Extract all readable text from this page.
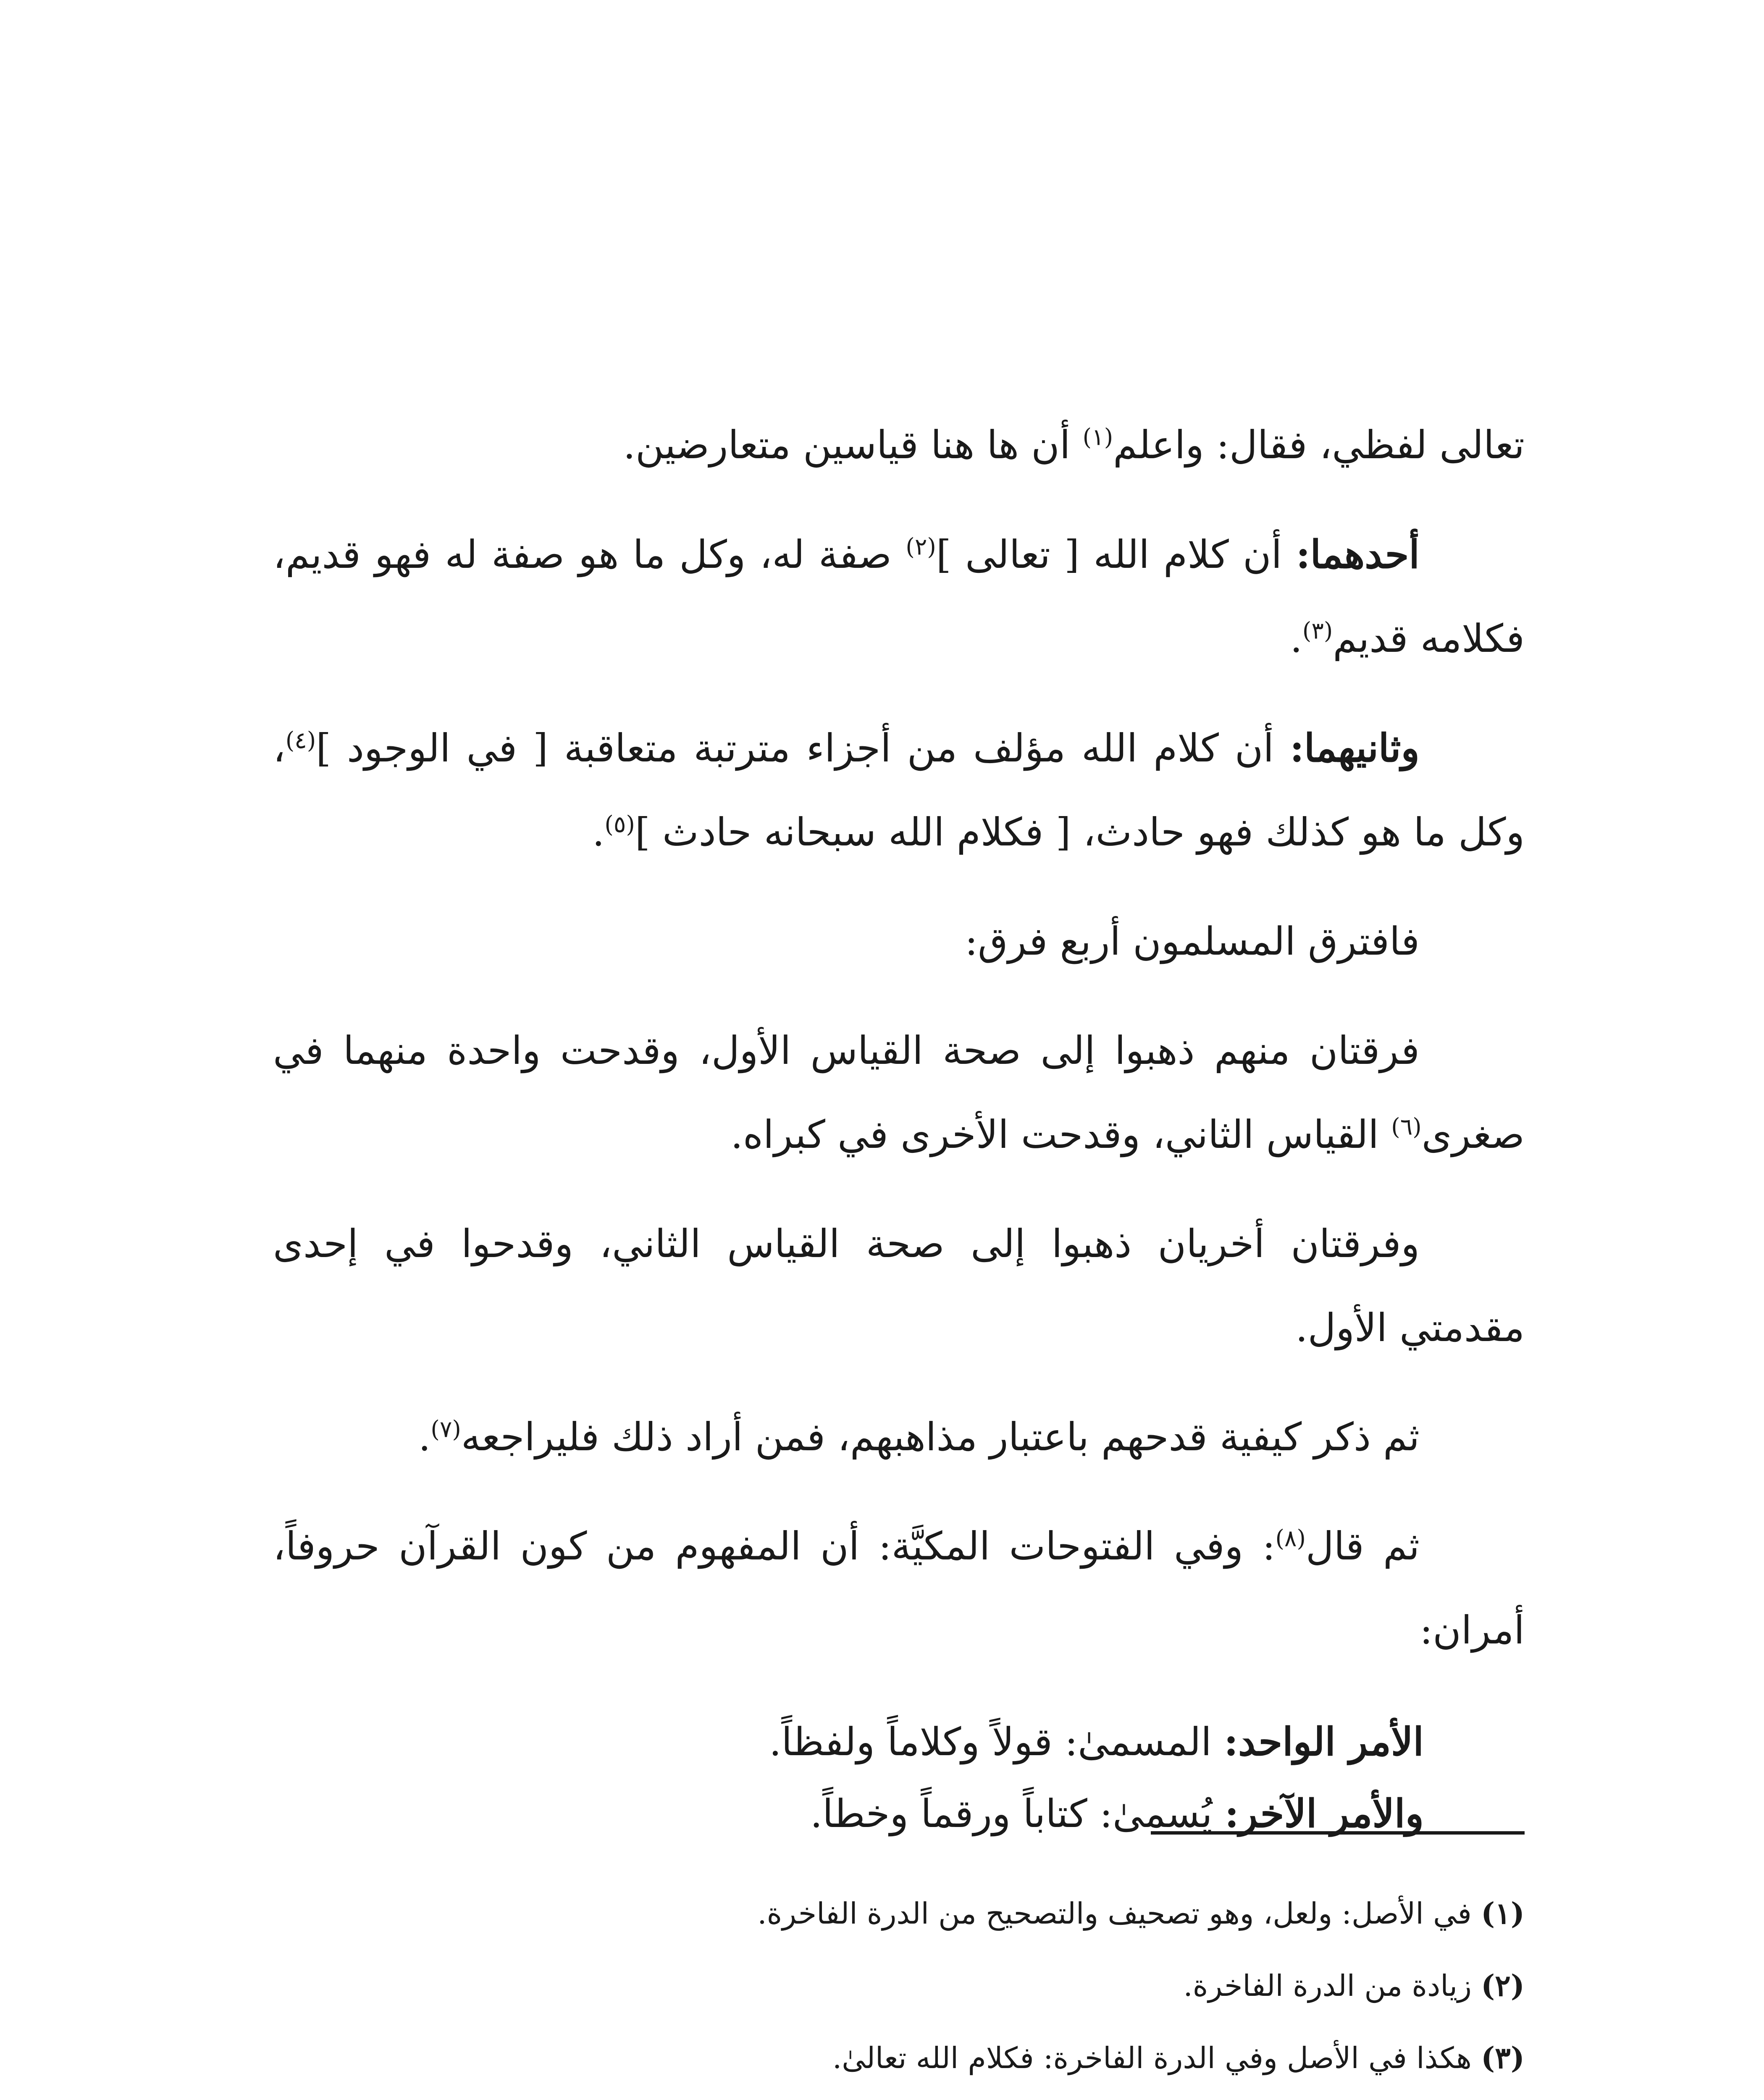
تعالى لفظي، فقال: واعلم$^{(١)}$ أن ها هنا قياسين متعارضين.

أحدهما: أن كلام الله [ تعالى ]$^{(٢)}$ صفة له، وكل ما هو صفة له فهو قديم، فكلامه قديم$^{(٣)}$.

وثانيهما: أن كلام الله مؤلف من أجزاء مترتبة متعاقبة [ في الوجود ]$^{(٤)}$، وكل ما هو كذلك فهو حادث، [ فكلام الله سبحانه حادث ]$^{(٥)}$.

فافترق المسلمون أربع فرق:

فرقتان منهم ذهبوا إلى صحة القياس الأول، وقدحت واحدة منهما في صغرى$^{(٦)}$ القياس الثاني، وقدحت الأخرى في كبراه.

وفرقتان أخريان ذهبوا إلى صحة القياس الثاني، وقدحوا في إحدى مقدمتي الأول.

ثم ذكر كيفية قدحهم باعتبار مذاهبهم، فمن أراد ذلك فليراجعه$^{(٧)}$.

ثم قال$^{(٨)}$: وفي الفتوحات المكيَّة: أن المفهوم من كون القرآن حروفاً، أمران:

الأمر الواحد: المسمىٰ: قولاً وكلاماً ولفظاً.
والأمر الآخر: يُسمىٰ: كتاباً ورقماً وخطاً.

(١) في الأصل: ولعل، وهو تصحيف والتصحيح من الدرة الفاخرة.

(٢) زيادة من الدرة الفاخرة.

(٣) هكذا في الأصل وفي الدرة الفاخرة: فكلام الله تعالىٰ.
